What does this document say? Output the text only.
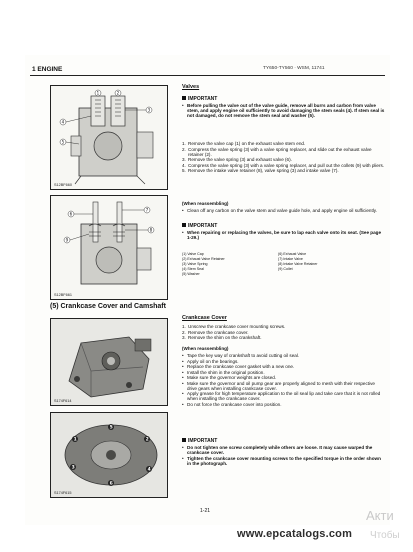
1 ENGINE	TY650-TY560 · WSM, 11741
1	2
3
4
5
S12BF660
6
7
8
9
S12BF661
Valves
IMPORTANT
• Before pulling the valve out of the valve guide, remove all burrs and carbon from valve stem, and apply engine oil sufficiently to avoid damaging the stem seals (4). If stem seal is not damaged, do not remove the stem seal and washer (5).
1. Remove the valve cap (1) on the exhaust valve stem end.
2. Compress the valve spring (3) with a valve spring replacer, and slide out the exhaust valve retainer (2).
3. Remove the valve spring (3) and exhaust valve (6).
4. Compress the valve spring (3) with a valve spring replacer, and pull out the collets (9) with pliers.
5. Remove the intake valve retainer (8), valve spring (3) and intake valve (7).
(When reassembling)
• Clean off any carbon on the valve stem and valve guide hole, and apply engine oil sufficiently.
IMPORTANT
• When repairing or replacing the valves, be sure to lap each valve onto its seat. (See page 1-29.)
(1) Valve Cap	(6) Exhaust Valve
(2) Exhaust Valve Retainer	(7) Intake Valve
(3) Valve Spring	(8) Intake Valve Retainer
(4) Stem Seal	(9) Collet
(5) Washer
(5) Crankcase Cover and Camshaft
S174F614
1	2
3	4
5
6
S174F615
Crankcase Cover
1. Unscrew the crankcase cover mounting screws.
2. Remove the crankcase cover.
3. Remove the shim on the crankshaft.
(When reassembling)
• Tape the key way of crankshaft to avoid cutting oil seal.
• Apply oil on the bearings.
• Replace the crankcase cover gasket with a new one.
• Install the shim in the original position.
• Make sure the governor weights are closed.
• Make sure the governor and oil pump gear are properly aligned to mesh with their respective drive gears when installing crankcase cover.
• Apply grease for high temperature application to the oil seal lip and take care that it is not rolled when installing the crankcase cover.
• Do not force the crankcase cover into position.
IMPORTANT
• Do not tighten one screw completely while others are loose. It may cause warped the crankcase cover.
• Tighten the crankcase cover mounting screws to the specified torque in the order shown in the photograph.
1-21
www.epcatalogs.com
Акти
Чтобы
